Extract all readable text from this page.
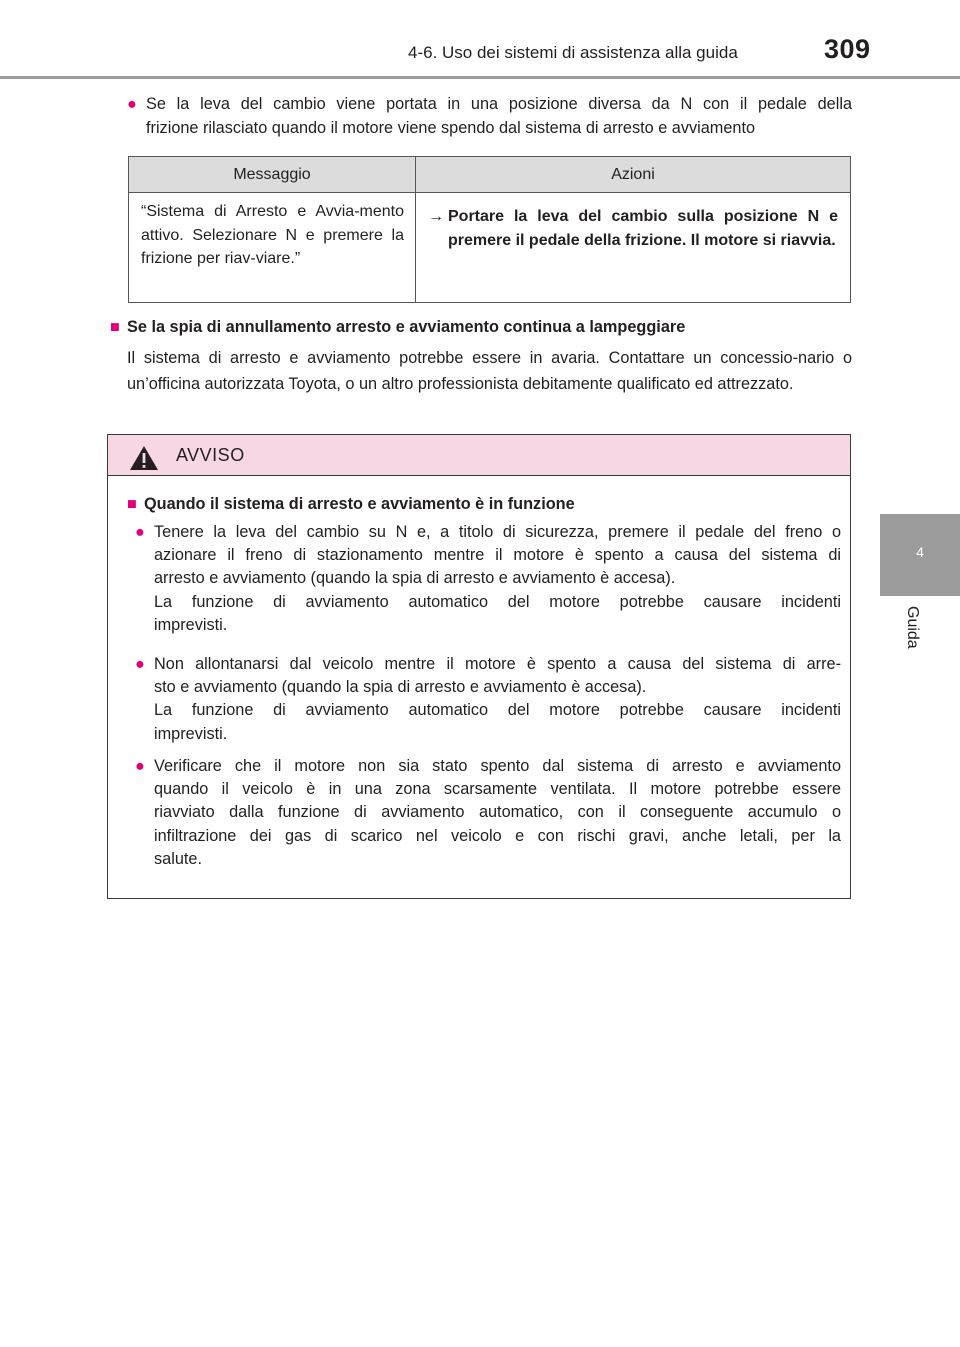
4-6. Uso dei sistemi di assistenza alla guida	309
4
Guida
● Se la leva del cambio viene portata in una posizione diversa da N con il pedale della
frizione rilasciato quando il motore viene spendo dal sistema di arresto e avviamento
Messaggio	Azioni
“Sistema di Arresto e Avvia-mento attivo. Selezionare N e premere la frizione per riav-viare.”	→ Portare la leva del cambio sulla posizione N e premere il pedale della frizione. Il motore si riavvia.
■ Se la spia di annullamento arresto e avviamento continua a lampeggiare
Il sistema di arresto e avviamento potrebbe essere in avaria. Contattare un concessio-nario o un’officina autorizzata Toyota, o un altro professionista debitamente qualificato ed attrezzato.
AVVISO
■ Quando il sistema di arresto e avviamento è in funzione
● Tenere la leva del cambio su N e, a titolo di sicurezza, premere il pedale del freno o
azionare il freno di stazionamento mentre il motore è spento a causa del sistema di
arresto e avviamento (quando la spia di arresto e avviamento è accesa).
La funzione di avviamento automatico del motore potrebbe causare incidenti
imprevisti.
● Non allontanarsi dal veicolo mentre il motore è spento a causa del sistema di arre-
sto e avviamento (quando la spia di arresto e avviamento è accesa).
La funzione di avviamento automatico del motore potrebbe causare incidenti
imprevisti.
● Verificare che il motore non sia stato spento dal sistema di arresto e avviamento
quando il veicolo è in una zona scarsamente ventilata. Il motore potrebbe essere
riavviato dalla funzione di avviamento automatico, con il conseguente accumulo o
infiltrazione dei gas di scarico nel veicolo e con rischi gravi, anche letali, per la
salute.
